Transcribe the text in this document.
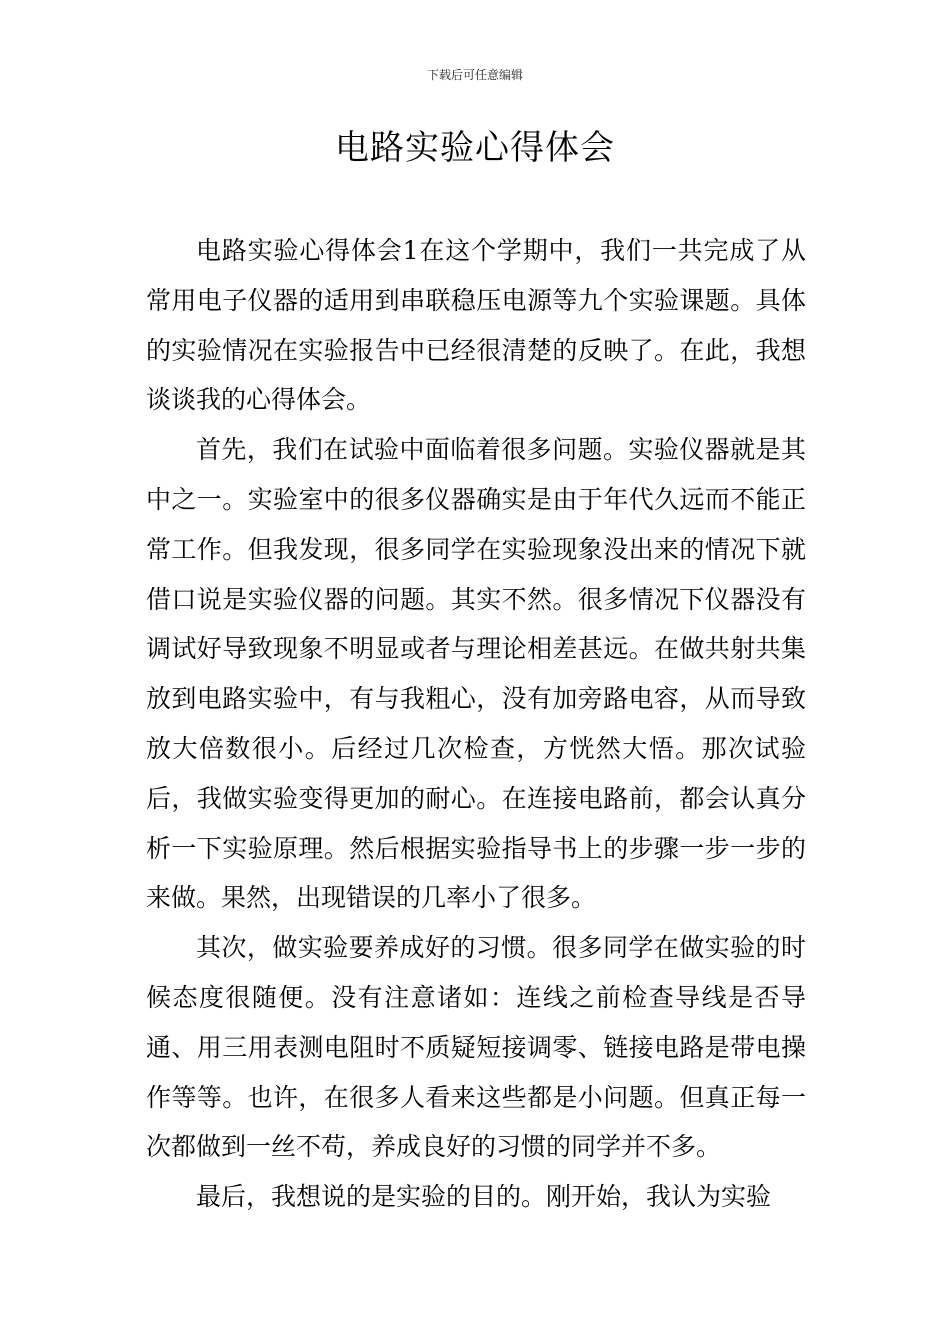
下载后可任意编辑
电路实验心得体会

电路实验心得体会1在这个学期中，我们一共完成了从常用电子仪器的适用到串联稳压电源等九个实验课题。具体的实验情况在实验报告中已经很清楚的反映了。在此，我想谈谈我的心得体会。

首先，我们在试验中面临着很多问题。实验仪器就是其中之一。实验室中的很多仪器确实是由于年代久远而不能正常工作。但我发现，很多同学在实验现象没出来的情况下就借口说是实验仪器的问题。其实不然。很多情况下仪器没有调试好导致现象不明显或者与理论相差甚远。在做共射共集放到电路实验中，有与我粗心，没有加旁路电容，从而导致放大倍数很小。后经过几次检查，方恍然大悟。那次试验后，我做实验变得更加的耐心。在连接电路前，都会认真分析一下实验原理。然后根据实验指导书上的步骤一步一步的来做。果然，出现错误的几率小了很多。

其次，做实验要养成好的习惯。很多同学在做实验的时候态度很随便。没有注意诸如：连线之前检查导线是否导通、用三用表测电阻时不质疑短接调零、链接电路是带电操作等等。也许，在很多人看来这些都是小问题。但真正每一次都做到一丝不苟，养成良好的习惯的同学并不多。

最后，我想说的是实验的目的。刚开始，我认为实验
